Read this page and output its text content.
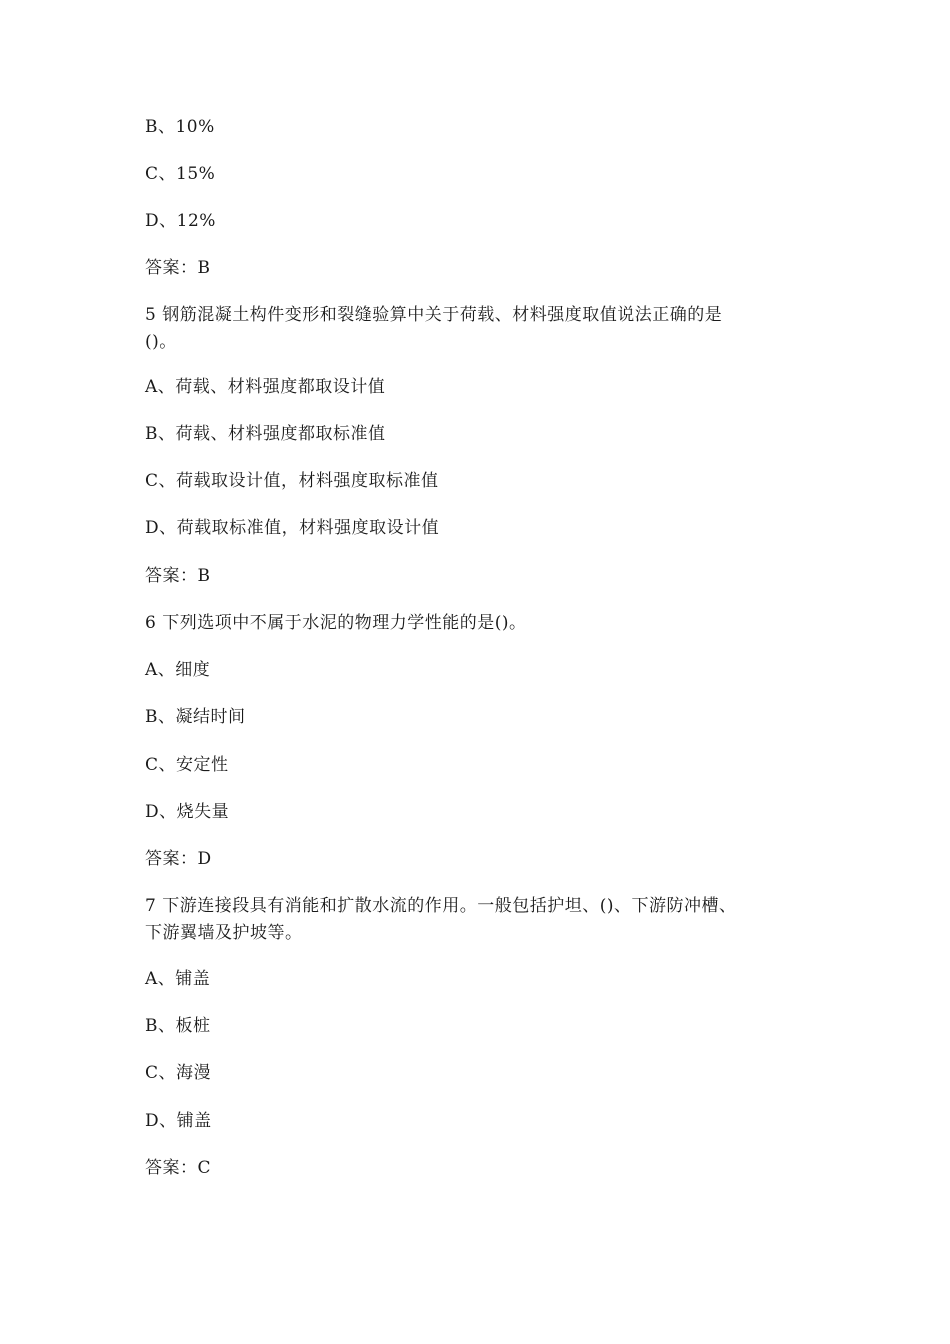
B、10%
C、15%
D、12%
答案：B
5 钢筋混凝土构件变形和裂缝验算中关于荷载、材料强度取值说法正确的是
()。
A、荷载、材料强度都取设计值
B、荷载、材料强度都取标准值
C、荷载取设计值，材料强度取标准值
D、荷载取标准值，材料强度取设计值
答案：B
6 下列选项中不属于水泥的物理力学性能的是()。
A、细度
B、凝结时间
C、安定性
D、烧失量
答案：D
7 下游连接段具有消能和扩散水流的作用。一般包括护坦、()、下游防冲槽、
下游翼墙及护坡等。
A、铺盖
B、板桩
C、海漫
D、铺盖
答案：C
